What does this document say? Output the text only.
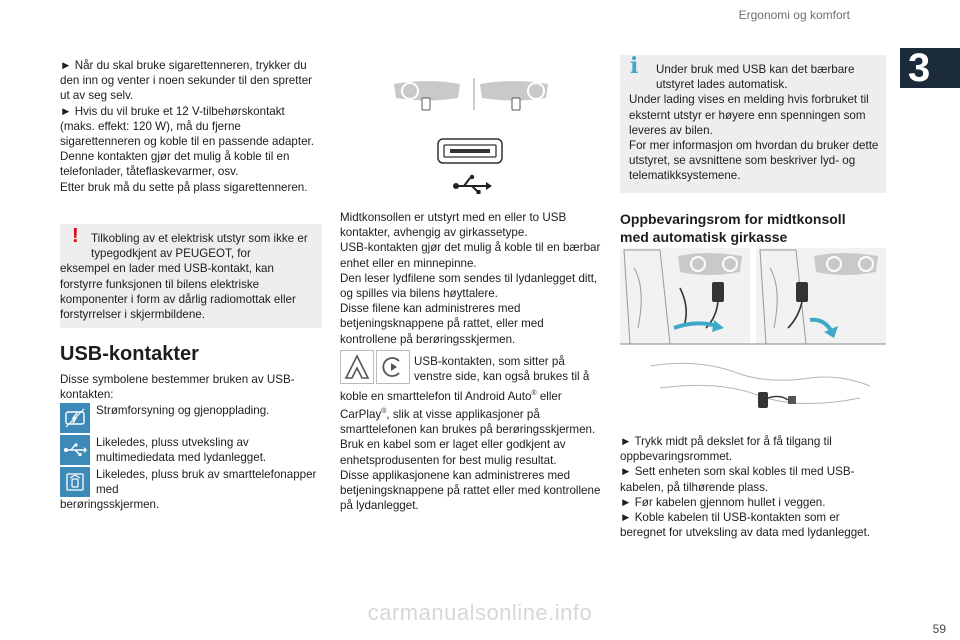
Ergonomi og komfort
3

► Når du skal bruke sigarettenneren, trykker du den inn og venter i noen sekunder til den spretter ut av seg selv.

► Hvis du vil bruke et 12 V-tilbehørskontakt (maks. effekt: 120 W), må du fjerne sigarettenneren og koble til en passende adapter.

Denne kontakten gjør det mulig å koble til en telefonlader, tåteflaskevarmer, osv.

Etter bruk må du sette på plass sigarettenneren.

!	Tilkobling av et elektrisk utstyr som ikke er typegodkjent av PEUGEOT, for

eksempel en lader med USB-kontakt, kan forstyrre funksjonen til bilens elektriske komponenter i form av dårlig radiomottak eller forstyrrelser i skjermbildene.

USB-kontakter
Disse symbolene bestemmer bruken av USB-kontakten:
Strømforsyning og gjenopplading.
Likeledes, pluss utveksling av multimediedata med lydanlegget.
Likeledes, pluss bruk av smarttelefonapper med

berøringsskjermen.

Midtkonsollen er utstyrt med en eller to USB kontakter, avhengig av girkassetype.

USB-kontakten gjør det mulig å koble til en bærbar enhet eller en minnepinne.

Den leser lydfilene som sendes til lydanlegget ditt, og spilles via bilens høyttalere.

Disse filene kan administreres med betjeningsknappene på rattet, eller med kontrollene på berøringsskjermen.

USB-kontakten, som sitter på venstre side, kan også brukes til å

koble en smarttelefon til Android Auto® eller CarPlay®, slik at visse applikasjoner på smarttelefonen kan brukes på berøringsskjermen.

Bruk en kabel som er laget eller godkjent av enhetsprodusenten for best mulig resultat.

Disse applikasjonene kan administreres med betjeningsknappene på rattet eller med kontrollene på lydanlegget.

i	Under bruk med USB kan det bærbare utstyret lades automatisk.

Under lading vises en melding hvis forbruket til eksternt utstyr er høyere enn spenningen som leveres av bilen.

For mer informasjon om hvordan du bruker dette utstyret, se avsnittene som beskriver lyd- og telematikksystemene.

Oppbevaringsrom for midtkonsoll med automatisk girkasse

► Trykk midt på dekslet for å få tilgang til oppbevaringsrommet.

► Sett enheten som skal kobles til med USB-kabelen, på tilhørende plass.

► Før kabelen gjennom hullet i veggen.

► Koble kabelen til USB-kontakten som er beregnet for utveksling av data med lydanlegget.

carmanualsonline.info
59
